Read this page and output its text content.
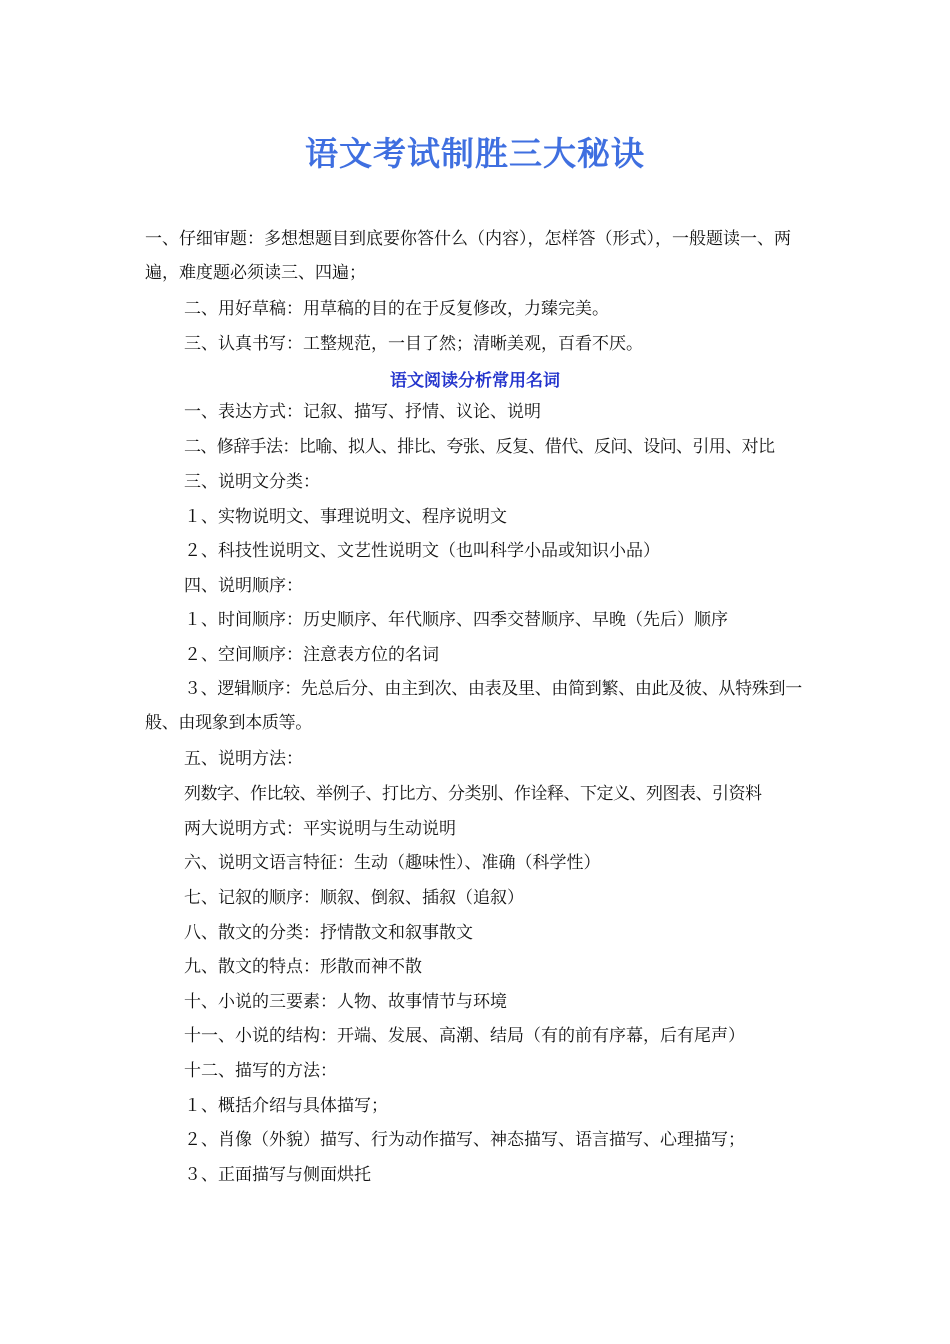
语文考试制胜三大秘诀
一、仔细审题：多想想题目到底要你答什么（内容），怎样答（形式），一般题读一、两遍，难度题必须读三、四遍；
二、用好草稿：用草稿的目的在于反复修改，力臻完美。
三、认真书写：工整规范，一目了然；清晰美观，百看不厌。
语文阅读分析常用名词
一、表达方式：记叙、描写、抒情、议论、说明
二、修辞手法：比喻、拟人、排比、夸张、反复、借代、反问、设问、引用、对比
三、说明文分类：
１、实物说明文、事理说明文、程序说明文
２、科技性说明文、文艺性说明文（也叫科学小品或知识小品）
四、说明顺序：
１、时间顺序：历史顺序、年代顺序、四季交替顺序、早晚（先后）顺序
２、空间顺序：注意表方位的名词
３、逻辑顺序：先总后分、由主到次、由表及里、由简到繁、由此及彼、从特殊到一般、由现象到本质等。
五、说明方法：
列数字、作比较、举例子、打比方、分类别、作诠释、下定义、列图表、引资料
两大说明方式：平实说明与生动说明
六、说明文语言特征：生动（趣味性）、准确（科学性）
七、记叙的顺序：顺叙、倒叙、插叙（追叙）
八、散文的分类：抒情散文和叙事散文
九、散文的特点：形散而神不散
十、小说的三要素：人物、故事情节与环境
十一、小说的结构：开端、发展、高潮、结局（有的前有序幕，后有尾声）
十二、描写的方法：
１、概括介绍与具体描写；
２、肖像（外貌）描写、行为动作描写、神态描写、语言描写、心理描写；
３、正面描写与侧面烘托
